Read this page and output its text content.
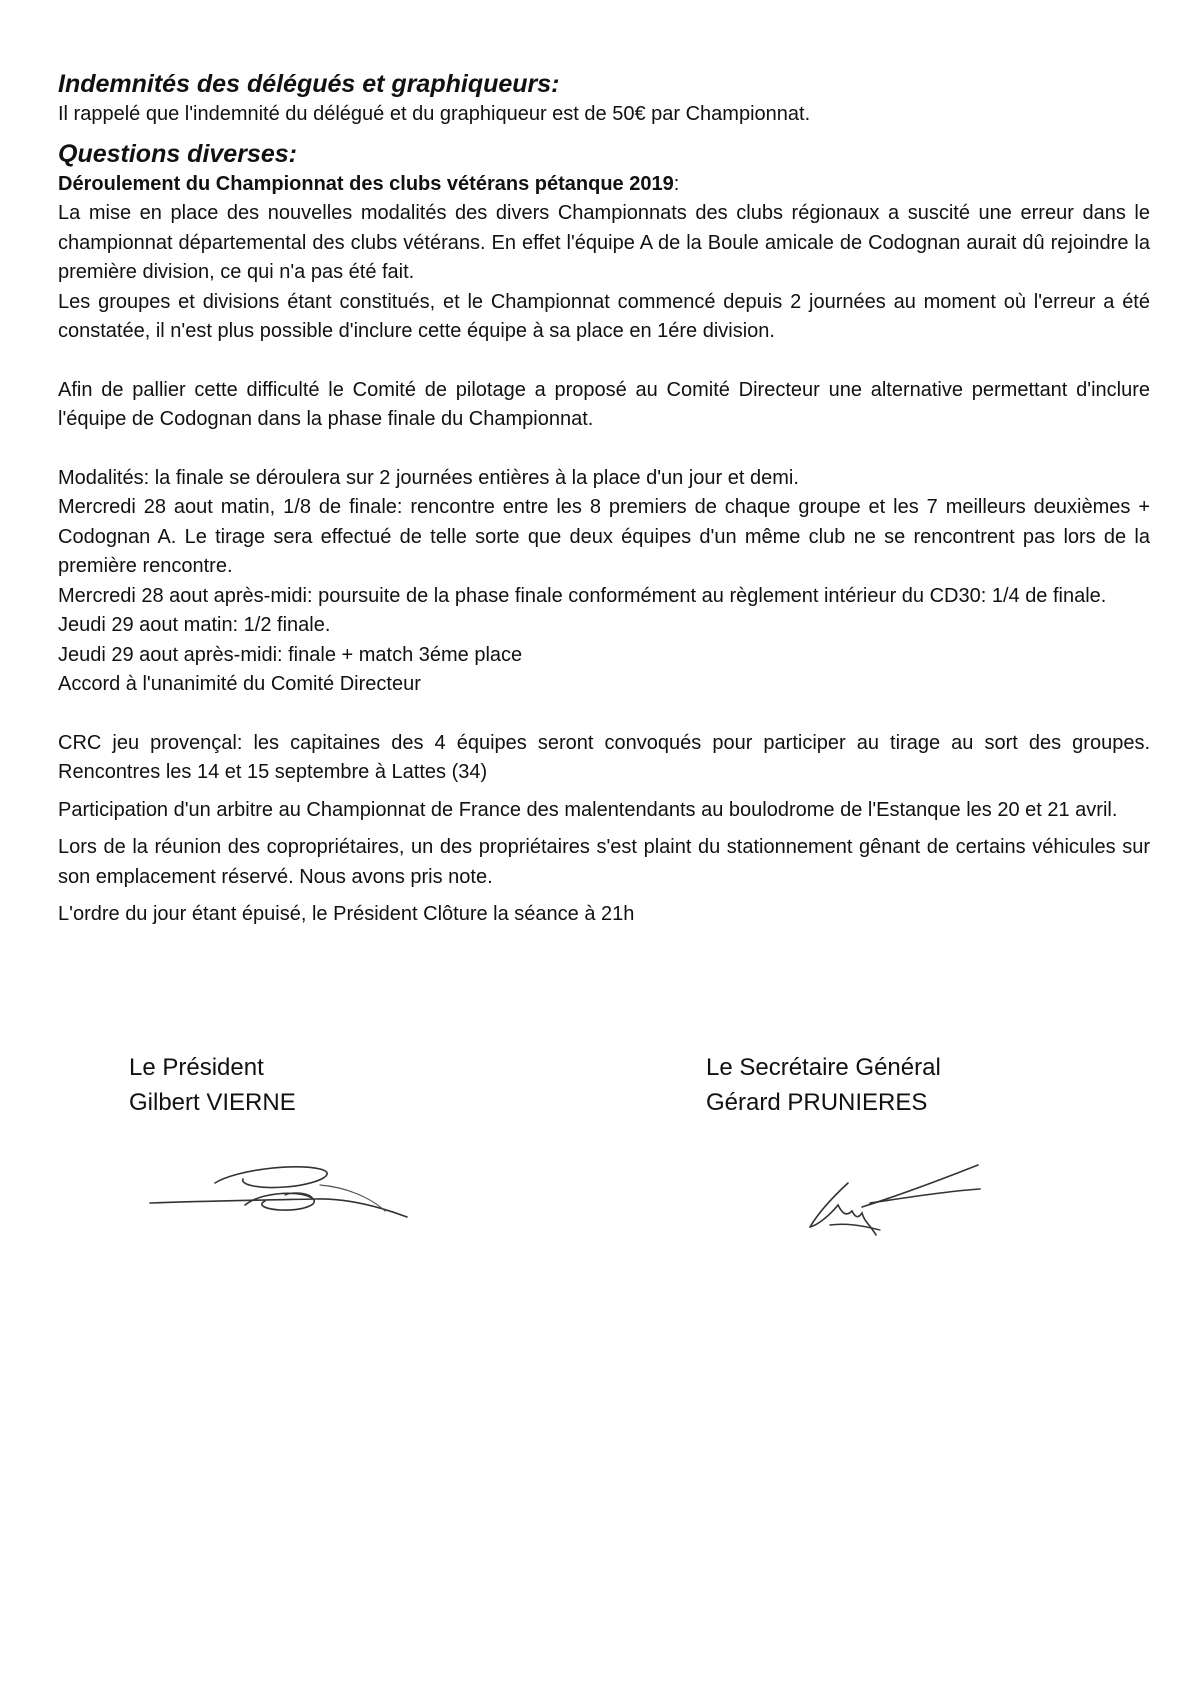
Indemnités des délégués et graphiqueurs:

Il rappelé que l'indemnité du délégué et du graphiqueur est de 50€ par Championnat.

Questions diverses:

Déroulement du Championnat des clubs vétérans pétanque 2019:

La mise en place des nouvelles modalités des divers Championnats des clubs régionaux a suscité une erreur dans le championnat départemental des clubs vétérans. En effet l'équipe A de la Boule amicale de Codognan aurait dû rejoindre la première division, ce qui n'a pas été fait.

Les groupes et divisions étant constitués, et le Championnat commencé depuis 2 journées au moment où l'erreur a été constatée, il n'est plus possible d'inclure cette équipe à sa place en 1ére division.

Afin de pallier cette difficulté le Comité de pilotage a proposé au Comité Directeur une alternative permettant d'inclure l'équipe de Codognan dans la phase finale du Championnat.

Modalités: la finale se déroulera sur 2 journées entières à la place d'un jour et demi.

Mercredi 28 aout matin, 1/8 de finale: rencontre entre les 8 premiers de chaque groupe et les 7 meilleurs deuxièmes + Codognan A. Le tirage sera effectué de telle sorte que deux équipes d'un même club ne se rencontrent pas lors de la première rencontre.

Mercredi 28 aout après-midi: poursuite de la phase finale conformément au règlement intérieur du CD30: 1/4 de finale.

Jeudi 29 aout matin: 1/2 finale.

Jeudi 29 aout après-midi: finale + match 3éme place

Accord à l'unanimité du Comité Directeur

CRC jeu provençal: les capitaines des 4 équipes seront convoqués pour participer au tirage au sort des groupes. Rencontres les 14 et 15 septembre à Lattes (34)

Participation d'un arbitre au Championnat de France des malentendants au boulodrome de l'Estanque les 20 et 21 avril.

Lors de la réunion des copropriétaires, un des propriétaires s'est plaint du stationnement gênant de certains véhicules sur son emplacement réservé. Nous avons pris note.

L'ordre du jour étant épuisé, le Président Clôture la séance à 21h

Le Président
Gilbert VIERNE
Le Secrétaire Général
Gérard PRUNIERES
